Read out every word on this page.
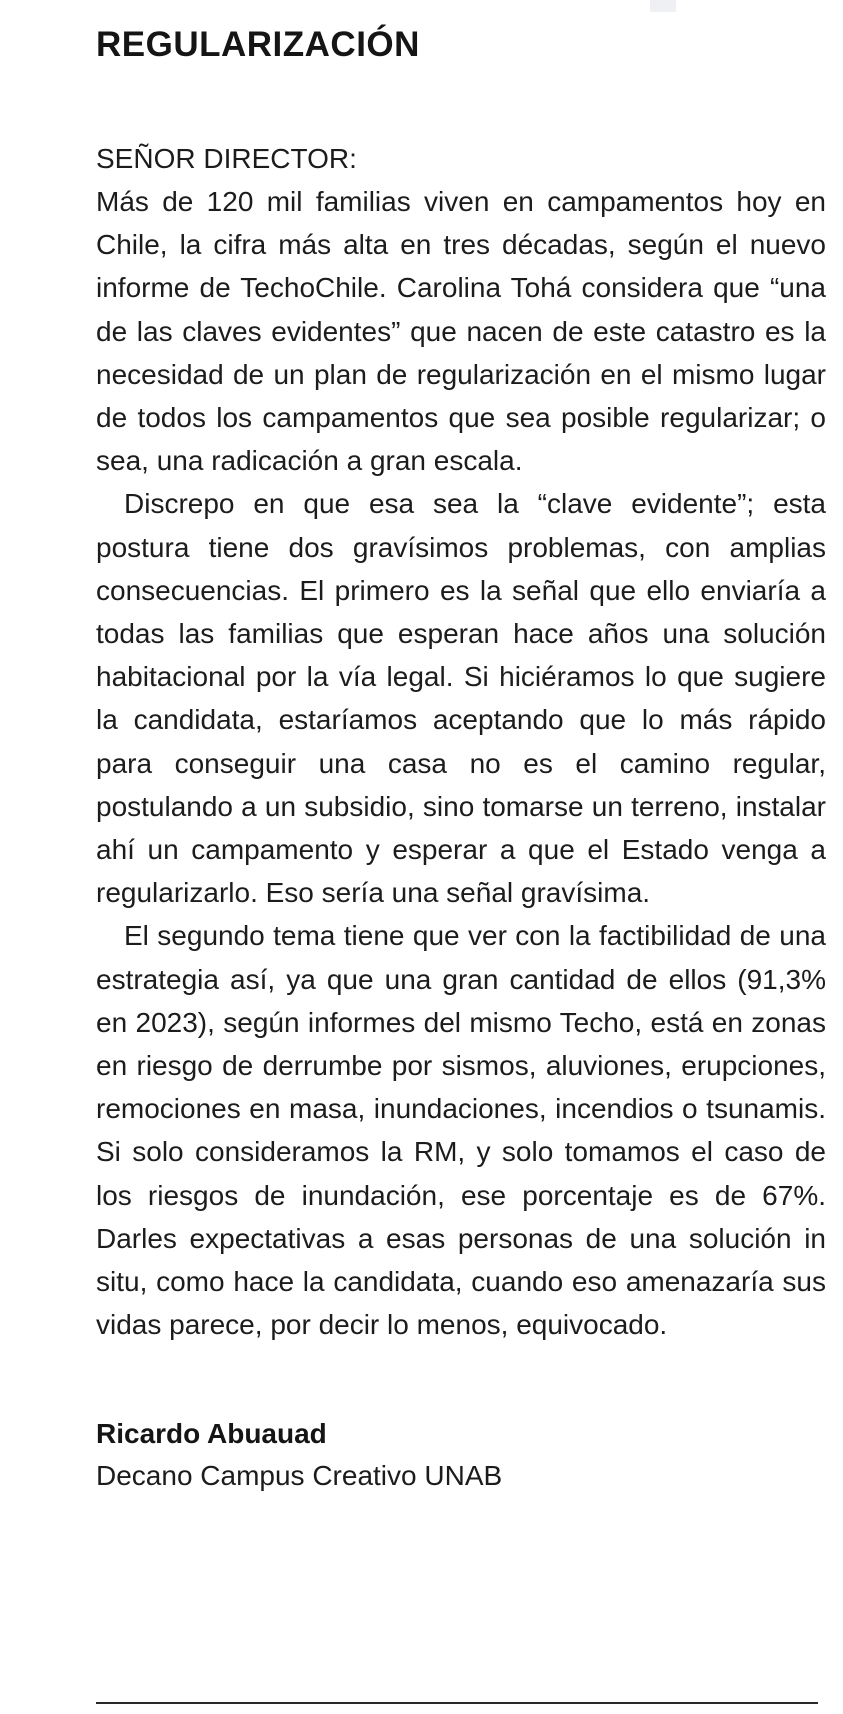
REGULARIZACIÓN

SEÑOR DIRECTOR:

Más de 120 mil familias viven en campamentos hoy en Chile, la cifra más alta en tres décadas, según el nuevo informe de TechoChile. Carolina Tohá considera que “una de las claves evidentes” que nacen de este catastro es la necesidad de un plan de regularización en el mismo lugar de todos los campamentos que sea posible regularizar; o sea, una radicación a gran escala.

Discrepo en que esa sea la “clave evidente”; esta postura tiene dos gravísimos problemas, con amplias consecuencias. El primero es la señal que ello enviaría a todas las familias que esperan hace años una solución habitacional por la vía legal. Si hiciéramos lo que sugiere la candidata, estaríamos aceptando que lo más rápido para conseguir una casa no es el camino regular, postulando a un subsidio, sino tomarse un terreno, instalar ahí un campamento y esperar a que el Estado venga a regularizarlo. Eso sería una señal gravísima.

El segundo tema tiene que ver con la factibilidad de una estrategia así, ya que una gran cantidad de ellos (91,3% en 2023), según informes del mismo Techo, está en zonas en riesgo de derrumbe por sismos, aluviones, erupciones, remociones en masa, inundaciones, incendios o tsunamis. Si solo consideramos la RM, y solo tomamos el caso de los riesgos de inundación, ese porcentaje es de 67%. Darles expectativas a esas personas de una solución in situ, como hace la candidata, cuando eso amenazaría sus vidas parece, por decir lo menos, equivocado.

Ricardo Abuauad

Decano Campus Creativo UNAB
